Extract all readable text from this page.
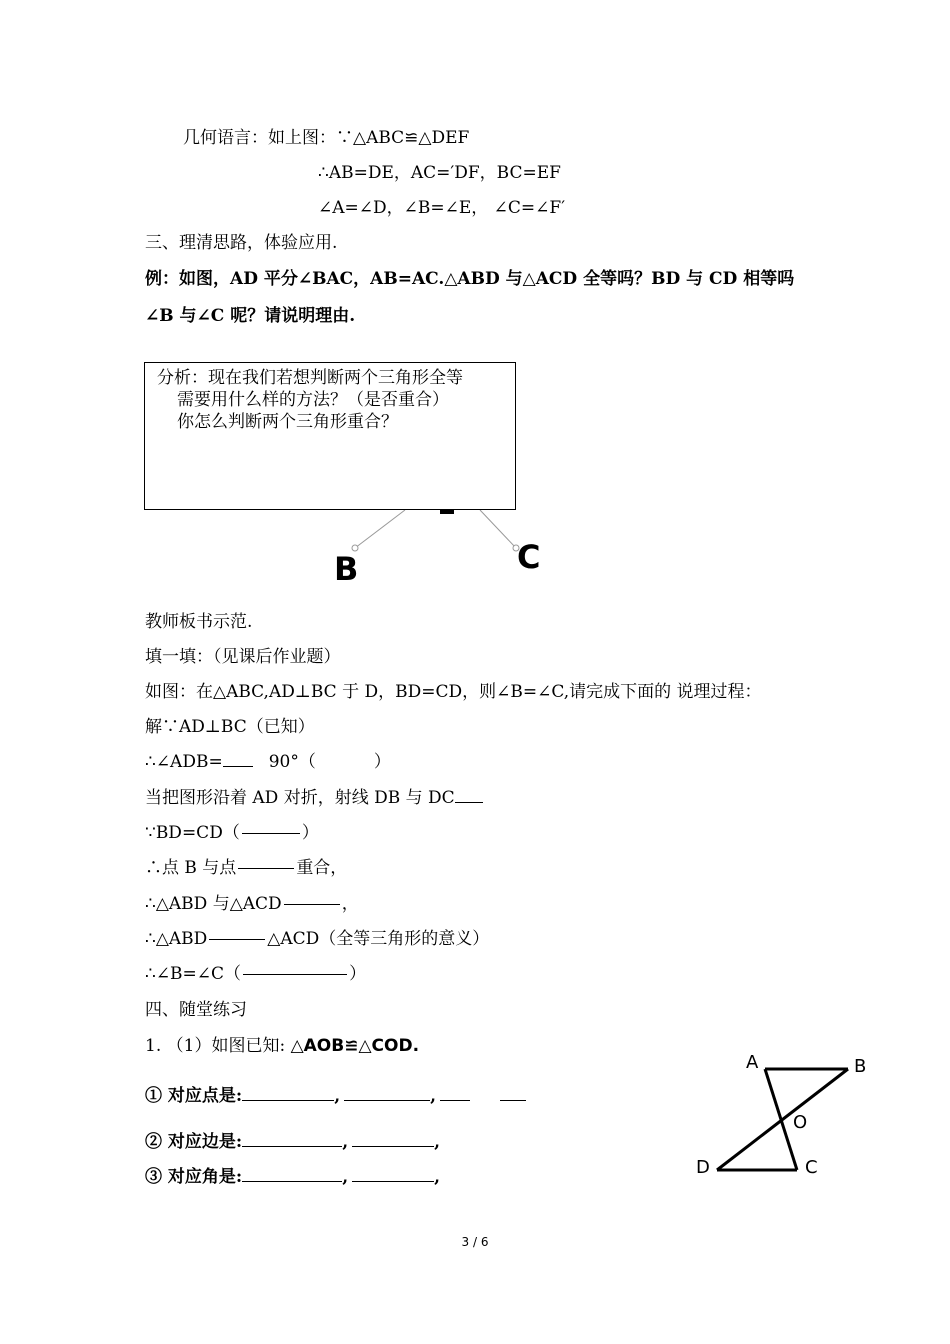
几何语言：如上图：∵△ABC≌△DEF
∴AB=DE，AC=′DF，BC=EF
∠A=∠D，∠B=∠E， ∠C=∠F′
三、理清思路，体验应用.
例：如图，AD 平分∠BAC，AB=AC.△ABD 与△ACD 全等吗？BD 与 CD 相等吗
∠B 与∠C 呢？请说明理由.
分析：现在我们若想判断两个三角形全等
需要用什么样的方法？（是否重合）
你怎么判断两个三角形重合？
B	C
教师板书示范.
填一填：（见课后作业题）
如图：在△ABC,AD⊥BC 于 D，BD=CD，则∠B=∠C,请完成下面的 说理过程：
解∵AD⊥BC（已知）
∴∠ADB=	90°（	）
当把图形沿着 AD 对折，射线 DB 与 DC
∵BD=CD（	）
∴点 B 与点	重合，
∴△ABD 与△ACD	，
∴△ABD	△ACD（全等三角形的意义）
∴∠B=∠C（	）
四、随堂练习
1. （1）如图已知: △AOB≌△COD.
① 对应点是:	,	,
② 对应边是:	,	,
③ 对应角是:	,	,
A	B
O
D	C
3 / 6
